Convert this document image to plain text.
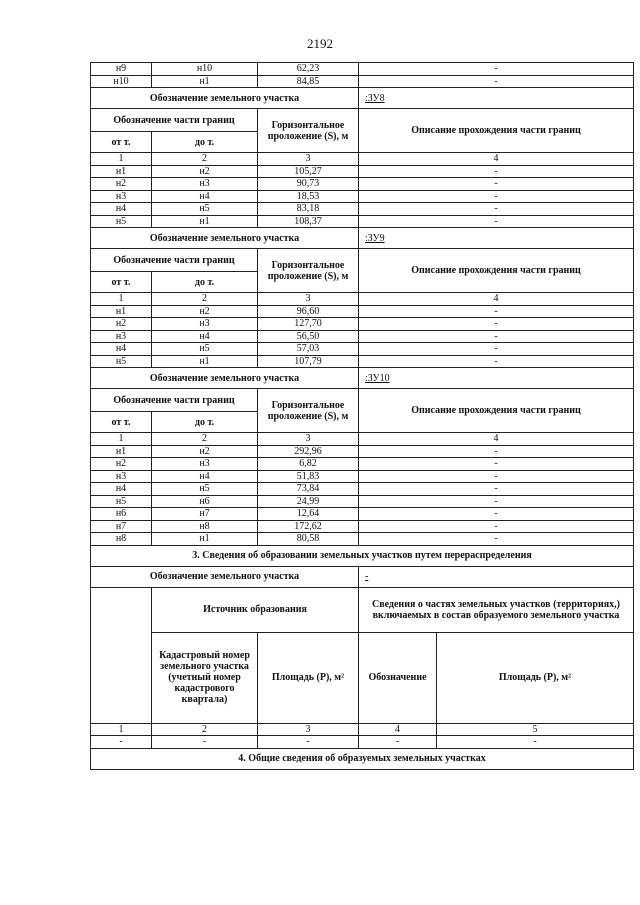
2192
н9	н10	62,23	-	
н10	н1	84,85	-	
Обозначение земельного участка			:ЗУ8	
Обозначение части границ		Горизонтальное проложение (S), м	Описание прохождения части границ	
от т.	до т.			
1	2	3	4	
н1	н2	105,27	-	
н2	н3	90,73	-	
н3	н4	18,53	-	
н4	н5	83,18	-	
н5	н1	108,37	-	
Обозначение земельного участка			:ЗУ9	
Обозначение части границ		Горизонтальное проложение (S), м	Описание прохождения части границ	
от т.	до т.			
1	2	3	4	
н1	н2	96,60	-	
н2	н3	127,70	-	
н3	н4	56,50	-	
н4	н5	57,03	-	
н5	н1	107,79	-	
Обозначение земельного участка			:ЗУ10	
Обозначение части границ		Горизонтальное проложение (S), м	Описание прохождения части границ	
от т.	до т.			
1	2	3	4	
н1	н2	292,96	-	
н2	н3	6,82	-	
н3	н4	51,83	-	
н4	н5	73,84	-	
н5	н6	24,99	-	
н6	н7	12,64	-	
н7	н8	172,62	-	
н8	н1	80,58	-	
3. Сведения об образовании земельных участков путем перераспределения				
Обозначение земельного участка			-	
	Источник образования		Сведения о частях земельных участков (территориях,) включаемых в состав образуемого земельного участка	
	Кадастровый номер земельного участка (учетный номер кадастрового квартала)	Площадь (Р), м²	Обозначение	Площадь (Р), м²
1	2	3	4	5
-	-	-	-	-
4. Общие сведения об образуемых земельных участках				
